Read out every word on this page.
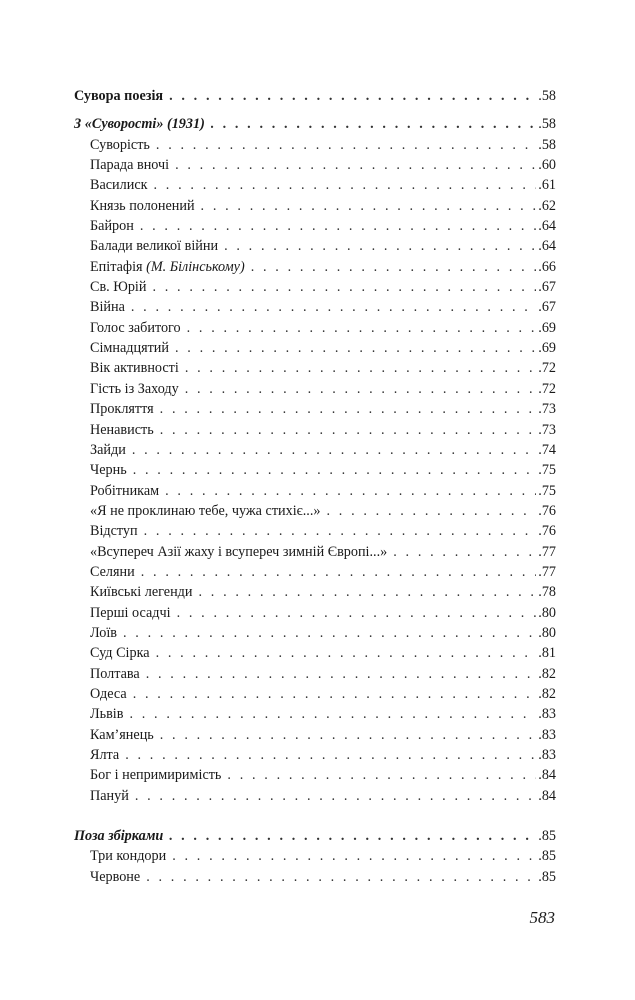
Сувора поезія . . .	.58
З «Суворості» (1931) . . .	.58
Суворість . . .	.58
Парада вночі . . .	.60
Василиск . . .	.61
Князь полонений . . .	.62
Байрон . . .	.64
Балади великої війни . . .	.64
Епітафія (М. Білінському) . . .	.66
Св. Юрій . . .	.67
Війна . . .	.67
Голос забитого . . .	.69
Сімнадцятий . . .	.69
Вік активності . . .	.72
Гість із Заходу . . .	.72
Прокляття . . .	.73
Ненависть . . .	.73
Зайди . . .	.74
Чернь . . .	.75
Робітникам . . .	.75
«Я не проклинаю тебе, чужа стихіє...» . . .	.76
Відступ . . .	.76
«Всупереч Азії жаху і всупереч зимній Європі...» . . .	.77
Селяни . . .	.77
Київські легенди . . .	.78
Перші осадчі . . .	.80
Лоїв . . .	.80
Суд Сірка . . .	.81
Полтава . . .	.82
Одеса . . .	.82
Львів . . .	.83
Кам’янець . . .	.83
Ялта . . .	.83
Бог і непримиримість . . .	.84
Пануй . . .	.84
Поза збірками . . .	.85
Три кондори . . .	.85
Червоне . . .	.85
583
